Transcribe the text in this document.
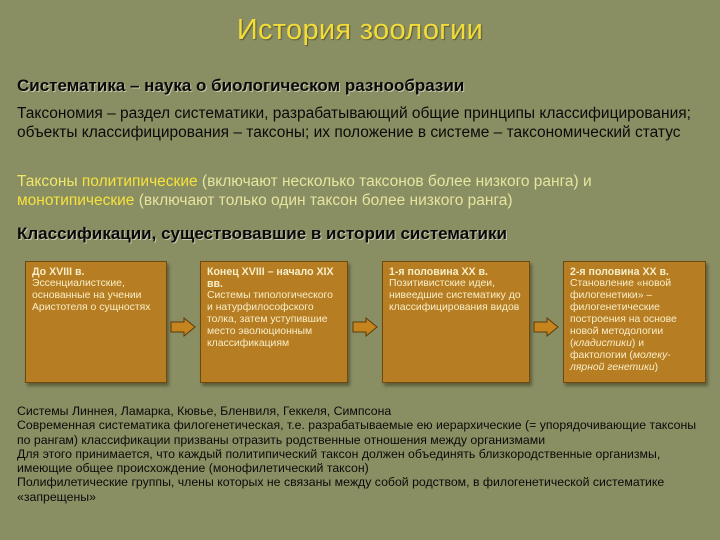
История зоологии
Систематика – наука о биологическом разнообразии
Таксономия – раздел систематики, разрабатывающий общие принципы классифицирования; объекты классифицирования – таксоны; их положение в системе – таксономический статус
Таксоны политипические (включают несколько таксонов более низкого ранга) и монотипические (включают только один таксон более низкого ранга)
Классификации, существовавшие в истории систематики
До XVIII в.
Эссенциалистские, основанные на учении Аристотеля о сущностях
Конец XVIII – начало XIX вв.
Системы типологического и натурфилософского толка, затем уступившие место эволюционным классификациям
1-я половина XX в.
Позитивистские идеи, нивеедшие систематику до классифицирования видов
2-я половина XX в.
Становление «новой филогенетики» – филогенетические построения на основе новой методологии (кладистики) и фактологии (молеку-лярной генетики)
Системы Линнея, Ламарка, Кювье, Бленвиля, Геккеля, Симпсона
Современная систематика филогенетическая, т.е. разрабатываемые ею иерархические (= упорядочивающие таксоны по рангам) классификации призваны отразить родственные отношения между организмами
Для этого принимается, что каждый политипический таксон должен объединять близкородственные организмы, имеющие общее происхождение (монофилетический таксон)
Полифилетические группы, члены которых не связаны между собой родством, в филогенетической систематике «запрещены»
